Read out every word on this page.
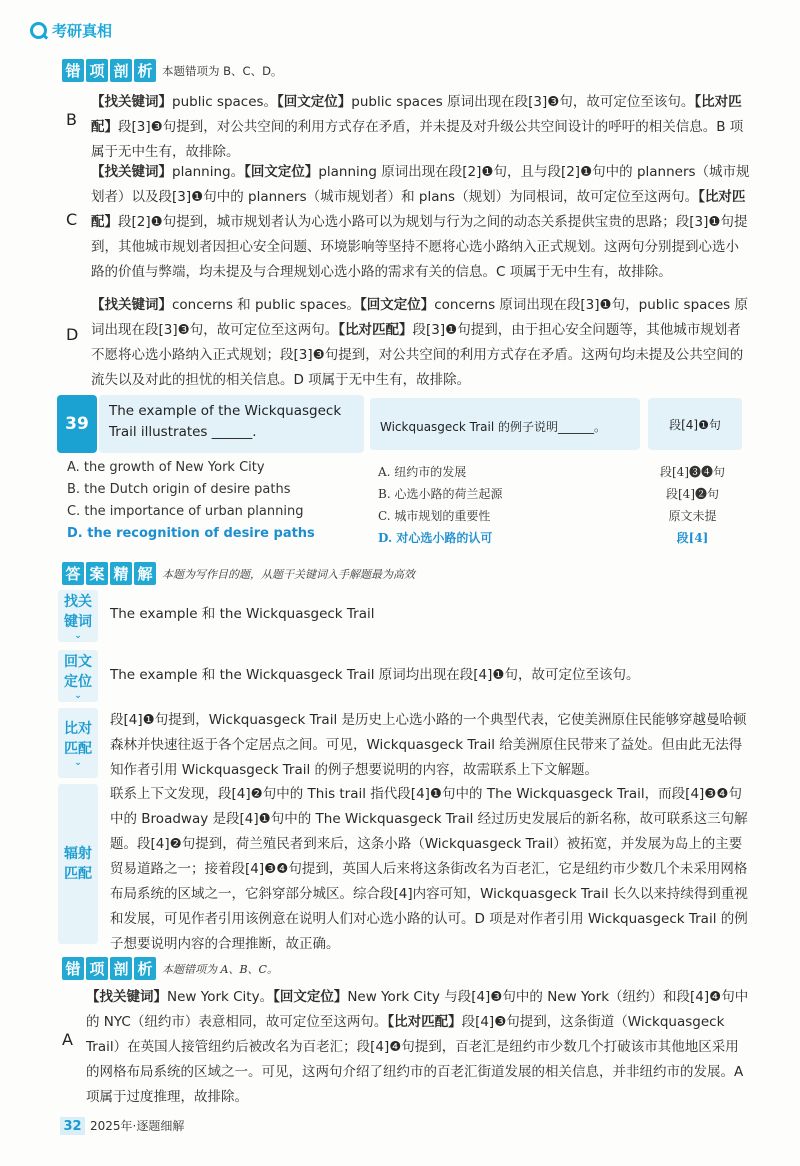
考研真相
错 项 剖 析 本题错项为 B、C、D。
B
【找关键词】public spaces。【回文定位】public spaces 原词出现在段[3]❸句，故可定位至该句。【比对匹配】段[3]❸句提到，对公共空间的利用方式存在矛盾，并未提及对升级公共空间设计的呼吁的相关信息。B 项属于无中生有，故排除。
C
【找关键词】planning。【回文定位】planning 原词出现在段[2]❶句，且与段[2]❶句中的 planners（城市规划者）以及段[3]❶句中的 planners（城市规划者）和 plans（规划）为同根词，故可定位至这两句。【比对匹配】段[2]❶句提到，城市规划者认为心选小路可以为规划与行为之间的动态关系提供宝贵的思路；段[3]❶句提到，其他城市规划者因担心安全问题、环境影响等坚持不愿将心选小路纳入正式规划。这两句分别提到心选小路的价值与弊端，均未提及与合理规划心选小路的需求有关的信息。C 项属于无中生有，故排除。
D
【找关键词】concerns 和 public spaces。【回文定位】concerns 原词出现在段[3]❶句，public spaces 原词出现在段[3]❸句，故可定位至这两句。【比对匹配】段[3]❶句提到，由于担心安全问题等，其他城市规划者不愿将心选小路纳入正式规划；段[3]❸句提到，对公共空间的利用方式存在矛盾。这两句均未提及公共空间的流失以及对此的担忧的相关信息。D 项属于无中生有，故排除。
39
The example of the Wickquasgeck Trail illustrates ______.	Wickquasgeck Trail 的例子说明______。	段[4]❶句
A. the growth of New York City
B. the Dutch origin of desire paths
C. the importance of urban planning
D. the recognition of desire paths
A. 纽约市的发展
B. 心选小路的荷兰起源
C. 城市规划的重要性
D. 对心选小路的认可
段[4]❸❹句
段[4]❷句
原文未提
段[4]
答 案 精 解 本题为写作目的题，从题干关键词入手解题最为高效
找关
键词
⌄
The example 和 the Wickquasgeck Trail
回文
定位
⌄
The example 和 the Wickquasgeck Trail 原词均出现在段[4]❶句，故可定位至该句。
比对
匹配
⌄
段[4]❶句提到，Wickquasgeck Trail 是历史上心选小路的一个典型代表，它使美洲原住民能够穿越曼哈顿森林并快速往返于各个定居点之间。可见，Wickquasgeck Trail 给美洲原住民带来了益处。但由此无法得知作者引用 Wickquasgeck Trail 的例子想要说明的内容，故需联系上下文解题。
辐射
匹配
联系上下文发现，段[4]❷句中的 This trail 指代段[4]❶句中的 The Wickquasgeck Trail，而段[4]❸❹句中的 Broadway 是段[4]❶句中的 The Wickquasgeck Trail 经过历史发展后的新名称，故可联系这三句解题。段[4]❷句提到，荷兰殖民者到来后，这条小路（Wickquasgeck Trail）被拓宽，并发展为岛上的主要贸易道路之一；接着段[4]❸❹句提到，英国人后来将这条街改名为百老汇，它是纽约市少数几个未采用网格布局系统的区域之一，它斜穿部分城区。综合段[4]内容可知，Wickquasgeck Trail 长久以来持续得到重视和发展，可见作者引用该例意在说明人们对心选小路的认可。D 项是对作者引用 Wickquasgeck Trail 的例子想要说明内容的合理推断，故正确。
错 项 剖 析 本题错项为 A、B、C。
A
【找关键词】New York City。【回文定位】New York City 与段[4]❸句中的 New York（纽约）和段[4]❹句中的 NYC（纽约市）表意相同，故可定位至这两句。【比对匹配】段[4]❸句提到，这条街道（Wickquasgeck Trail）在英国人接管纽约后被改名为百老汇；段[4]❹句提到，百老汇是纽约市少数几个打破该市其他地区采用的网格布局系统的区域之一。可见，这两句介绍了纽约市的百老汇街道发展的相关信息，并非纽约市的发展。A 项属于过度推理，故排除。
32 2025年·逐题细解
